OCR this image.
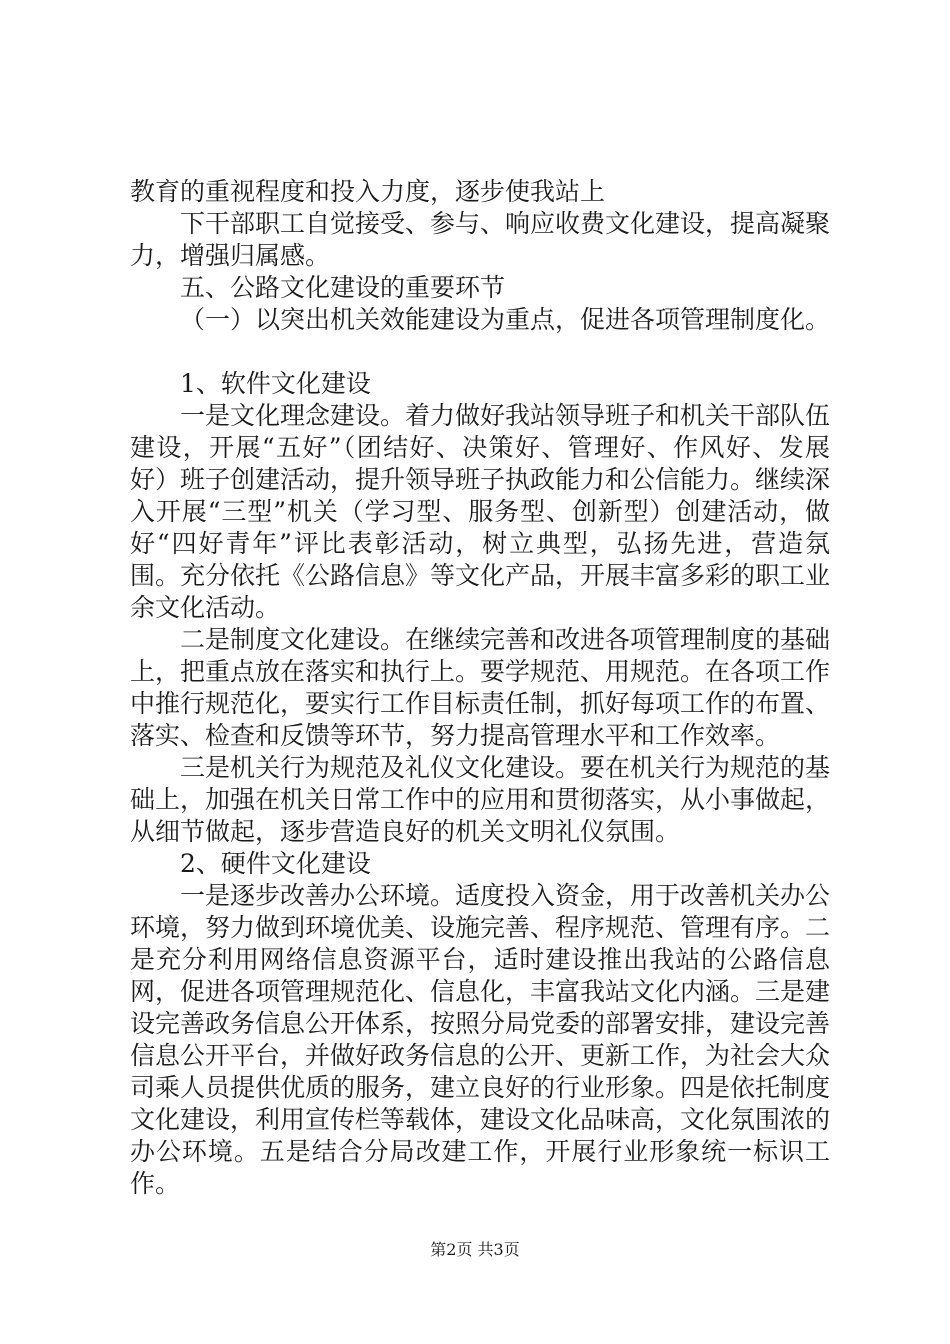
教育的重视程度和投入力度，逐步使我站上

下干部职工自觉接受、参与、响应收费文化建设，提高凝聚力，增强归属感。

五、公路文化建设的重要环节

（一）以突出机关效能建设为重点，促进各项管理制度化。

1、软件文化建设

一是文化理念建设。着力做好我站领导班子和机关干部队伍建设，开展“五好”（团结好、决策好、管理好、作风好、发展好）班子创建活动，提升领导班子执政能力和公信能力。继续深入开展“三型”机关（学习型、服务型、创新型）创建活动，做好“四好青年”评比表彰活动，树立典型，弘扬先进，营造氛围。充分依托《公路信息》等文化产品，开展丰富多彩的职工业余文化活动。

二是制度文化建设。在继续完善和改进各项管理制度的基础上，把重点放在落实和执行上。要学规范、用规范。在各项工作中推行规范化，要实行工作目标责任制，抓好每项工作的布置、落实、检查和反馈等环节，努力提高管理水平和工作效率。

三是机关行为规范及礼仪文化建设。要在机关行为规范的基础上，加强在机关日常工作中的应用和贯彻落实，从小事做起，从细节做起，逐步营造良好的机关文明礼仪氛围。

2、硬件文化建设

一是逐步改善办公环境。适度投入资金，用于改善机关办公环境，努力做到环境优美、设施完善、程序规范、管理有序。二是充分利用网络信息资源平台，适时建设推出我站的公路信息网，促进各项管理规范化、信息化，丰富我站文化内涵。三是建设完善政务信息公开体系，按照分局党委的部署安排，建设完善信息公开平台，并做好政务信息的公开、更新工作，为社会大众司乘人员提供优质的服务，建立良好的行业形象。四是依托制度文化建设，利用宣传栏等载体，建设文化品味高，文化氛围浓的办公环境。五是结合分局改建工作，开展行业形象统一标识工作。

第2页 共3页
